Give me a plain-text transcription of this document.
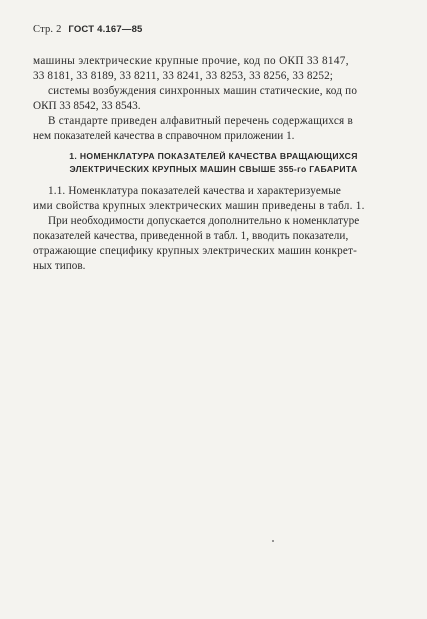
Стр. 2 ГОСТ 4.167—85
машины электрические крупные прочие, код по ОКП 33 8147,
33 8181, 33 8189, 33 8211, 33 8241, 33 8253, 33 8256, 33 8252;
системы возбуждения синхронных машин статические, код по
ОКП 33 8542, 33 8543.
В стандарте приведен алфавитный перечень содержащихся в
нем показателей качества в справочном приложении 1.
1. НОМЕНКЛАТУРА ПОКАЗАТЕЛЕЙ КАЧЕСТВА ВРАЩАЮЩИХСЯ
ЭЛЕКТРИЧЕСКИХ КРУПНЫХ МАШИН СВЫШЕ 355-го ГАБАРИТА
1.1. Номенклатура показателей качества и характеризуемые
ими свойства крупных электрических машин приведены в табл. 1.
При необходимости допускается дополнительно к номенклатуре
показателей качества, приведенной в табл. 1, вводить показатели,
отражающие специфику крупных электрических машин конкрет-
ных типов.
